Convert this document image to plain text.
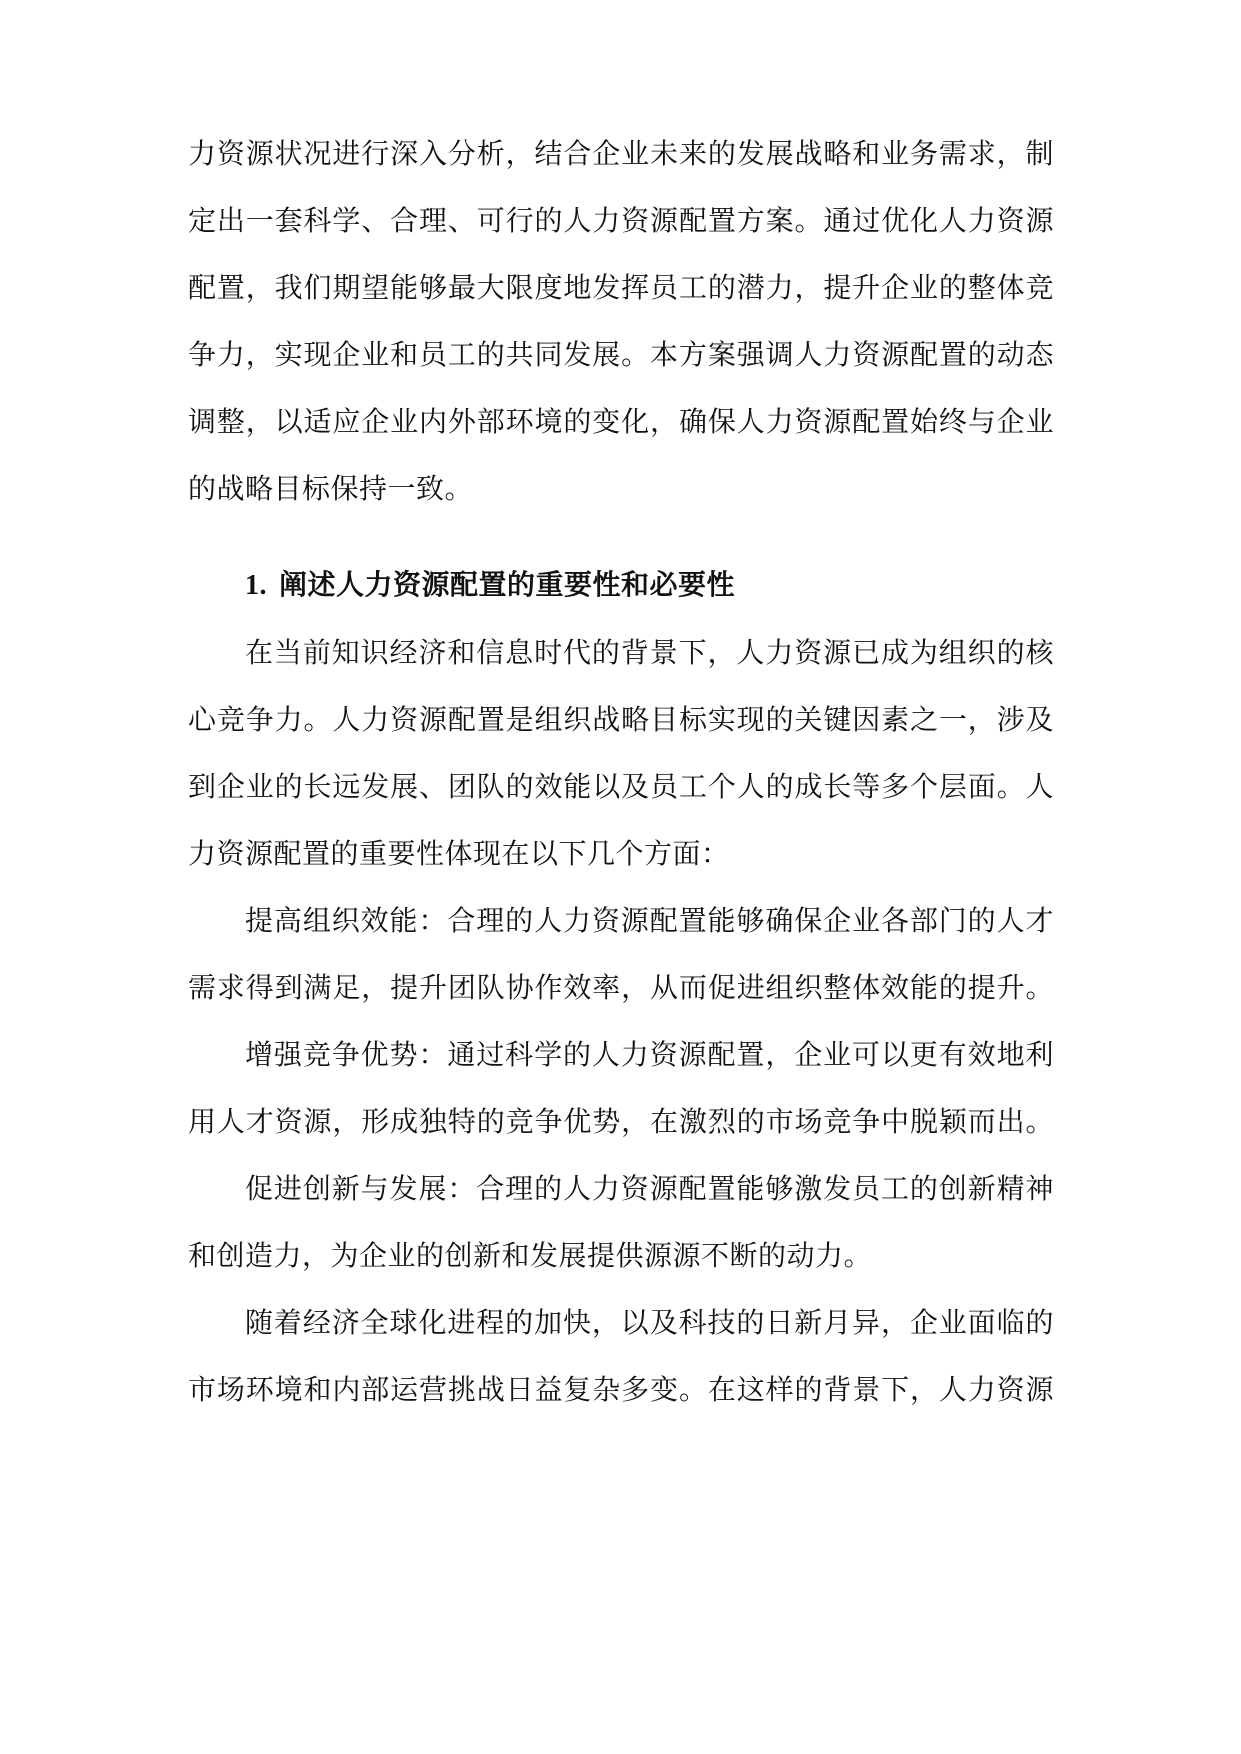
力资源状况进行深入分析，结合企业未来的发展战略和业务需求，制
定出一套科学、合理、可行的人力资源配置方案。通过优化人力资源
配置，我们期望能够最大限度地发挥员工的潜力，提升企业的整体竞
争力，实现企业和员工的共同发展。本方案强调人力资源配置的动态
调整，以适应企业内外部环境的变化，确保人力资源配置始终与企业
的战略目标保持一致。
1. 阐述人力资源配置的重要性和必要性
在当前知识经济和信息时代的背景下，人力资源已成为组织的核
心竞争力。人力资源配置是组织战略目标实现的关键因素之一，涉及
到企业的长远发展、团队的效能以及员工个人的成长等多个层面。人
力资源配置的重要性体现在以下几个方面：
提高组织效能：合理的人力资源配置能够确保企业各部门的人才
需求得到满足，提升团队协作效率，从而促进组织整体效能的提升。
增强竞争优势：通过科学的人力资源配置，企业可以更有效地利
用人才资源，形成独特的竞争优势，在激烈的市场竞争中脱颖而出。
促进创新与发展：合理的人力资源配置能够激发员工的创新精神
和创造力，为企业的创新和发展提供源源不断的动力。
随着经济全球化进程的加快，以及科技的日新月异，企业面临的
市场环境和内部运营挑战日益复杂多变。在这样的背景下，人力资源
